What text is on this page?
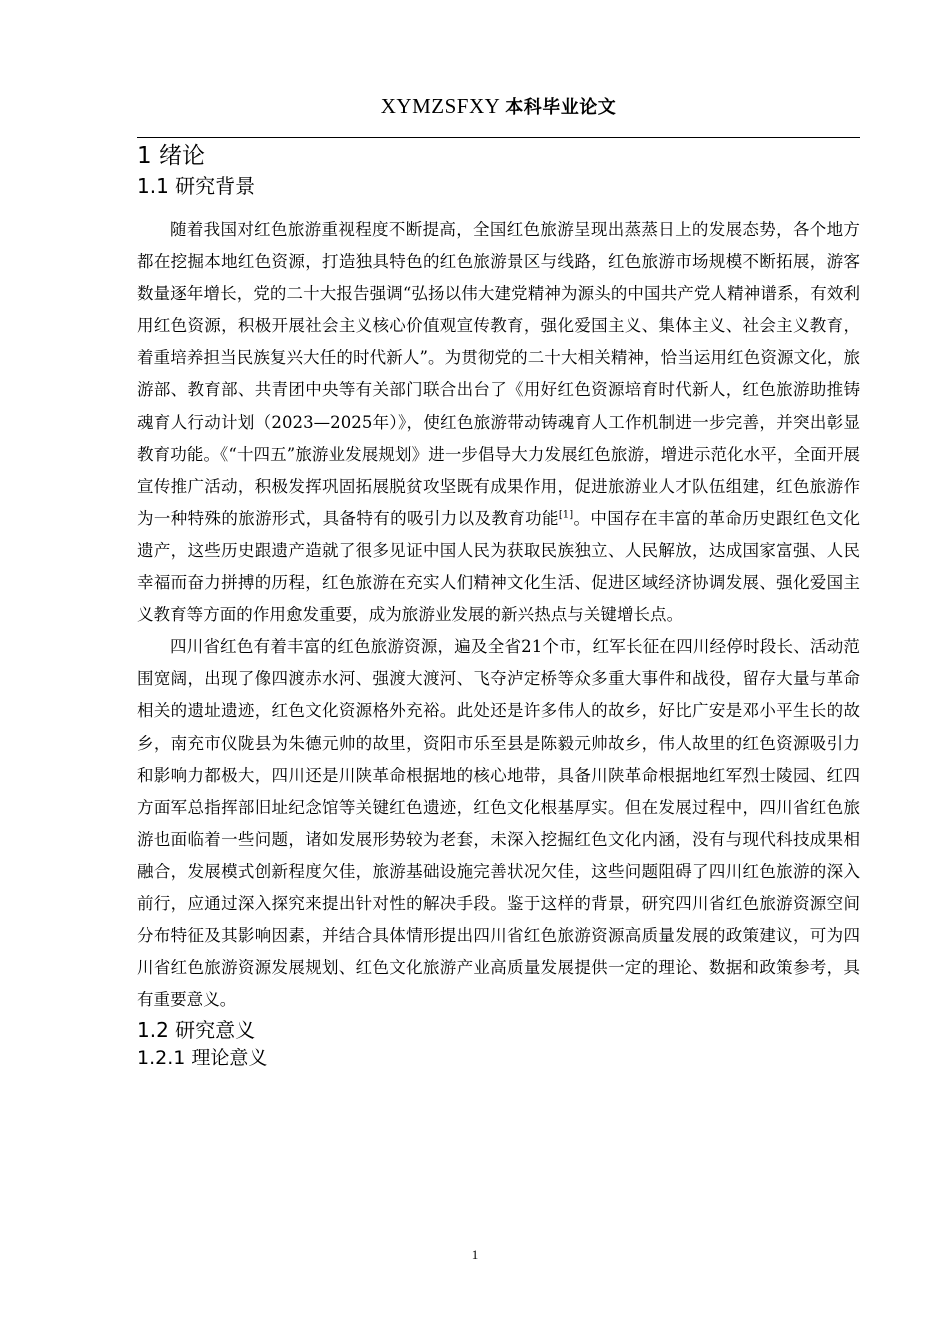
XYMZSFXY 本科毕业论文
1 绪论
1.1 研究背景

随着我国对红色旅游重视程度不断提高，全国红色旅游呈现出蒸蒸日上的发展态势，各个地方都在挖掘本地红色资源，打造独具特色的红色旅游景区与线路，红色旅游市场规模不断拓展，游客数量逐年增长，党的二十大报告强调“弘扬以伟大建党精神为源头的中国共产党人精神谱系，有效利用红色资源，积极开展社会主义核心价值观宣传教育，强化爱国主义、集体主义、社会主义教育，着重培养担当民族复兴大任的时代新人”。为贯彻党的二十大相关精神，恰当运用红色资源文化，旅游部、教育部、共青团中央等有关部门联合出台了《用好红色资源培育时代新人，红色旅游助推铸魂育人行动计划（2023—2025年）》，使红色旅游带动铸魂育人工作机制进一步完善，并突出彰显教育功能。《“十四五”旅游业发展规划》进一步倡导大力发展红色旅游，增进示范化水平，全面开展宣传推广活动，积极发挥巩固拓展脱贫攻坚既有成果作用，促进旅游业人才队伍组建，红色旅游作为一种特殊的旅游形式，具备特有的吸引力以及教育功能[1]。中国存在丰富的革命历史跟红色文化遗产，这些历史跟遗产造就了很多见证中国人民为获取民族独立、人民解放，达成国家富强、人民幸福而奋力拼搏的历程，红色旅游在充实人们精神文化生活、促进区域经济协调发展、强化爱国主义教育等方面的作用愈发重要，成为旅游业发展的新兴热点与关键增长点。

四川省红色有着丰富的红色旅游资源，遍及全省21个市，红军长征在四川经停时段长、活动范围宽阔，出现了像四渡赤水河、强渡大渡河、飞夺泸定桥等众多重大事件和战役，留存大量与革命相关的遗址遗迹，红色文化资源格外充裕。此处还是许多伟人的故乡，好比广安是邓小平生长的故乡，南充市仪陇县为朱德元帅的故里，资阳市乐至县是陈毅元帅故乡，伟人故里的红色资源吸引力和影响力都极大，四川还是川陕革命根据地的核心地带，具备川陕革命根据地红军烈士陵园、红四方面军总指挥部旧址纪念馆等关键红色遗迹，红色文化根基厚实。但在发展过程中，四川省红色旅游也面临着一些问题，诸如发展形势较为老套，未深入挖掘红色文化内涵，没有与现代科技成果相融合，发展模式创新程度欠佳，旅游基础设施完善状况欠佳，这些问题阻碍了四川红色旅游的深入前行，应通过深入探究来提出针对性的解决手段。鉴于这样的背景，研究四川省红色旅游资源空间分布特征及其影响因素，并结合具体情形提出四川省红色旅游资源高质量发展的政策建议，可为四川省红色旅游资源发展规划、红色文化旅游产业高质量发展提供一定的理论、数据和政策参考，具有重要意义。

1.2 研究意义
1.2.1 理论意义
1
